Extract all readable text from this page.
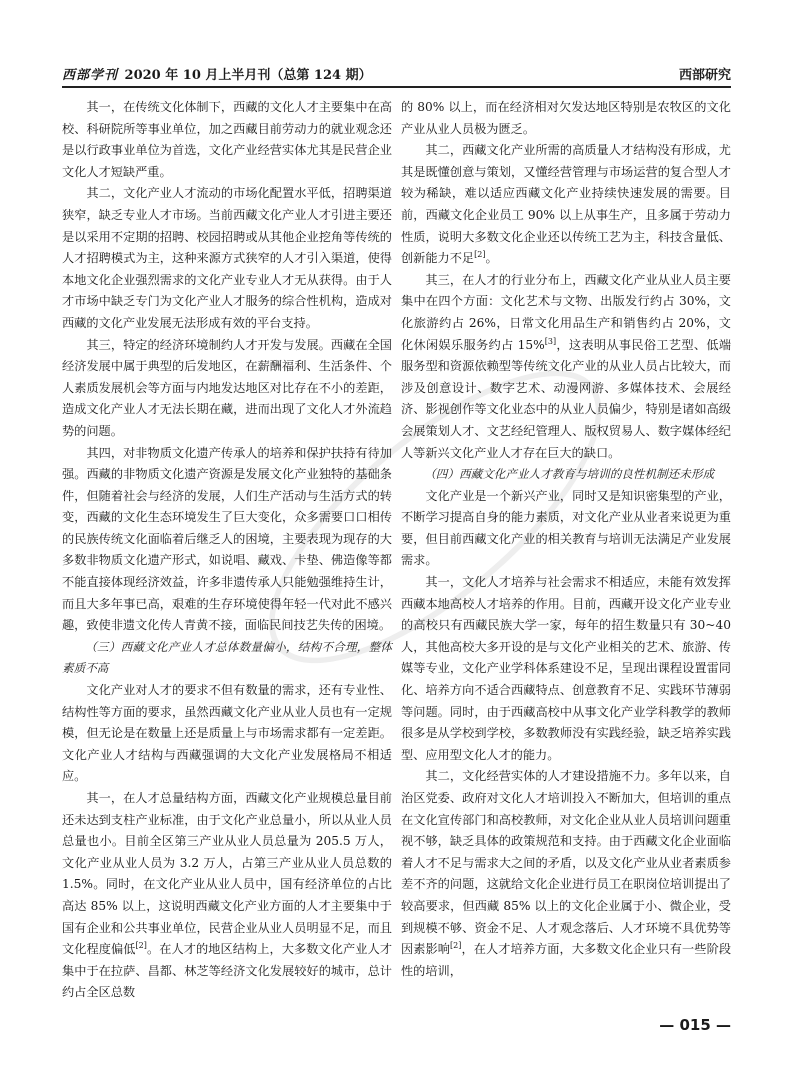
西部学刊 2020 年 10 月上半月刊（总第 124 期）	西部研究

其一，在传统文化体制下，西藏的文化人才主要集中在高校、科研院所等事业单位，加之西藏目前劳动力的就业观念还是以行政事业单位为首选，文化产业经营实体尤其是民营企业文化人才短缺严重。

其二，文化产业人才流动的市场化配置水平低，招聘渠道狭窄，缺乏专业人才市场。当前西藏文化产业人才引进主要还是以采用不定期的招聘、校园招聘或从其他企业挖角等传统的人才招聘模式为主，这种来源方式狭窄的人才引入渠道，使得本地文化企业强烈需求的文化产业专业人才无从获得。由于人才市场中缺乏专门为文化产业人才服务的综合性机构，造成对西藏的文化产业发展无法形成有效的平台支持。

其三，特定的经济环境制约人才开发与发展。西藏在全国经济发展中属于典型的后发地区，在薪酬福利、生活条件、个人素质发展机会等方面与内地发达地区对比存在不小的差距，造成文化产业人才无法长期在藏，进而出现了文化人才外流趋势的问题。

其四，对非物质文化遗产传承人的培养和保护扶持有待加强。西藏的非物质文化遗产资源是发展文化产业独特的基础条件，但随着社会与经济的发展，人们生产活动与生活方式的转变，西藏的文化生态环境发生了巨大变化，众多需要口口相传的民族传统文化面临着后继乏人的困境，主要表现为现存的大多数非物质文化遗产形式，如说唱、藏戏、卡垫、佛造像等都不能直接体现经济效益，许多非遗传承人只能勉强维持生计，而且大多年事已高，艰难的生存环境使得年轻一代对此不感兴趣，致使非遗文化传人青黄不接，面临民间技艺失传的困境。

（三）西藏文化产业人才总体数量偏小，结构不合理，整体素质不高

文化产业对人才的要求不但有数量的需求，还有专业性、结构性等方面的要求，虽然西藏文化产业从业人员也有一定规模，但无论是在数量上还是质量上与市场需求都有一定差距。文化产业人才结构与西藏强调的大文化产业发展格局不相适应。

其一，在人才总量结构方面，西藏文化产业规模总量目前还未达到支柱产业标准，由于文化产业总量小，所以从业人员总量也小。目前全区第三产业从业人员总量为 205.5 万人，文化产业从业人员为 3.2 万人，占第三产业从业人员总数的 1.5%。同时，在文化产业从业人员中，国有经济单位的占比高达 85% 以上，这说明西藏文化产业方面的人才主要集中于国有企业和公共事业单位，民营企业从业人员明显不足，而且文化程度偏低[2]。在人才的地区结构上，大多数文化产业人才集中于在拉萨、昌都、林芝等经济文化发展较好的城市，总计约占全区总数

的 80% 以上，而在经济相对欠发达地区特别是农牧区的文化产业从业人员极为匮乏。

其二，西藏文化产业所需的高质量人才结构没有形成，尤其是既懂创意与策划，又懂经营管理与市场运营的复合型人才较为稀缺，难以适应西藏文化产业持续快速发展的需要。目前，西藏文化企业员工 90% 以上从事生产，且多属于劳动力性质，说明大多数文化企业还以传统工艺为主，科技含量低、创新能力不足[2]。

其三，在人才的行业分布上，西藏文化产业从业人员主要集中在四个方面：文化艺术与文物、出版发行约占 30%，文化旅游约占 26%，日常文化用品生产和销售约占 20%，文化休闲娱乐服务约占 15%[3]，这表明从事民俗工艺型、低端服务型和资源依赖型等传统文化产业的从业人员占比较大，而涉及创意设计、数字艺术、动漫网游、多媒体技术、会展经济、影视创作等文化业态中的从业人员偏少，特别是诸如高级会展策划人才、文艺经纪管理人、版权贸易人、数字媒体经纪人等新兴文化产业人才存在巨大的缺口。

（四）西藏文化产业人才教育与培训的良性机制还未形成

文化产业是一个新兴产业，同时又是知识密集型的产业，不断学习提高自身的能力素质，对文化产业从业者来说更为重要，但目前西藏文化产业的相关教育与培训无法满足产业发展需求。

其一，文化人才培养与社会需求不相适应，未能有效发挥西藏本地高校人才培养的作用。目前，西藏开设文化产业专业的高校只有西藏民族大学一家，每年的招生数量只有 30~40 人，其他高校大多开设的是与文化产业相关的艺术、旅游、传媒等专业，文化产业学科体系建设不足，呈现出课程设置雷同化、培养方向不适合西藏特点、创意教育不足、实践环节薄弱等问题。同时，由于西藏高校中从事文化产业学科教学的教师很多是从学校到学校，多数教师没有实践经验，缺乏培养实践型、应用型文化人才的能力。

其二，文化经营实体的人才建设措施不力。多年以来，自治区党委、政府对文化人才培训投入不断加大，但培训的重点在文化宣传部门和高校教师，对文化企业从业人员培训问题重视不够，缺乏具体的政策规范和支持。由于西藏文化企业面临着人才不足与需求大之间的矛盾，以及文化产业从业者素质参差不齐的问题，这就给文化企业进行员工在职岗位培训提出了较高要求，但西藏 85% 以上的文化企业属于小、微企业，受到规模不够、资金不足、人才观念落后、人才环境不具优势等因素影响[2]，在人才培养方面，大多数文化企业只有一些阶段性的培训，

— 015 —
